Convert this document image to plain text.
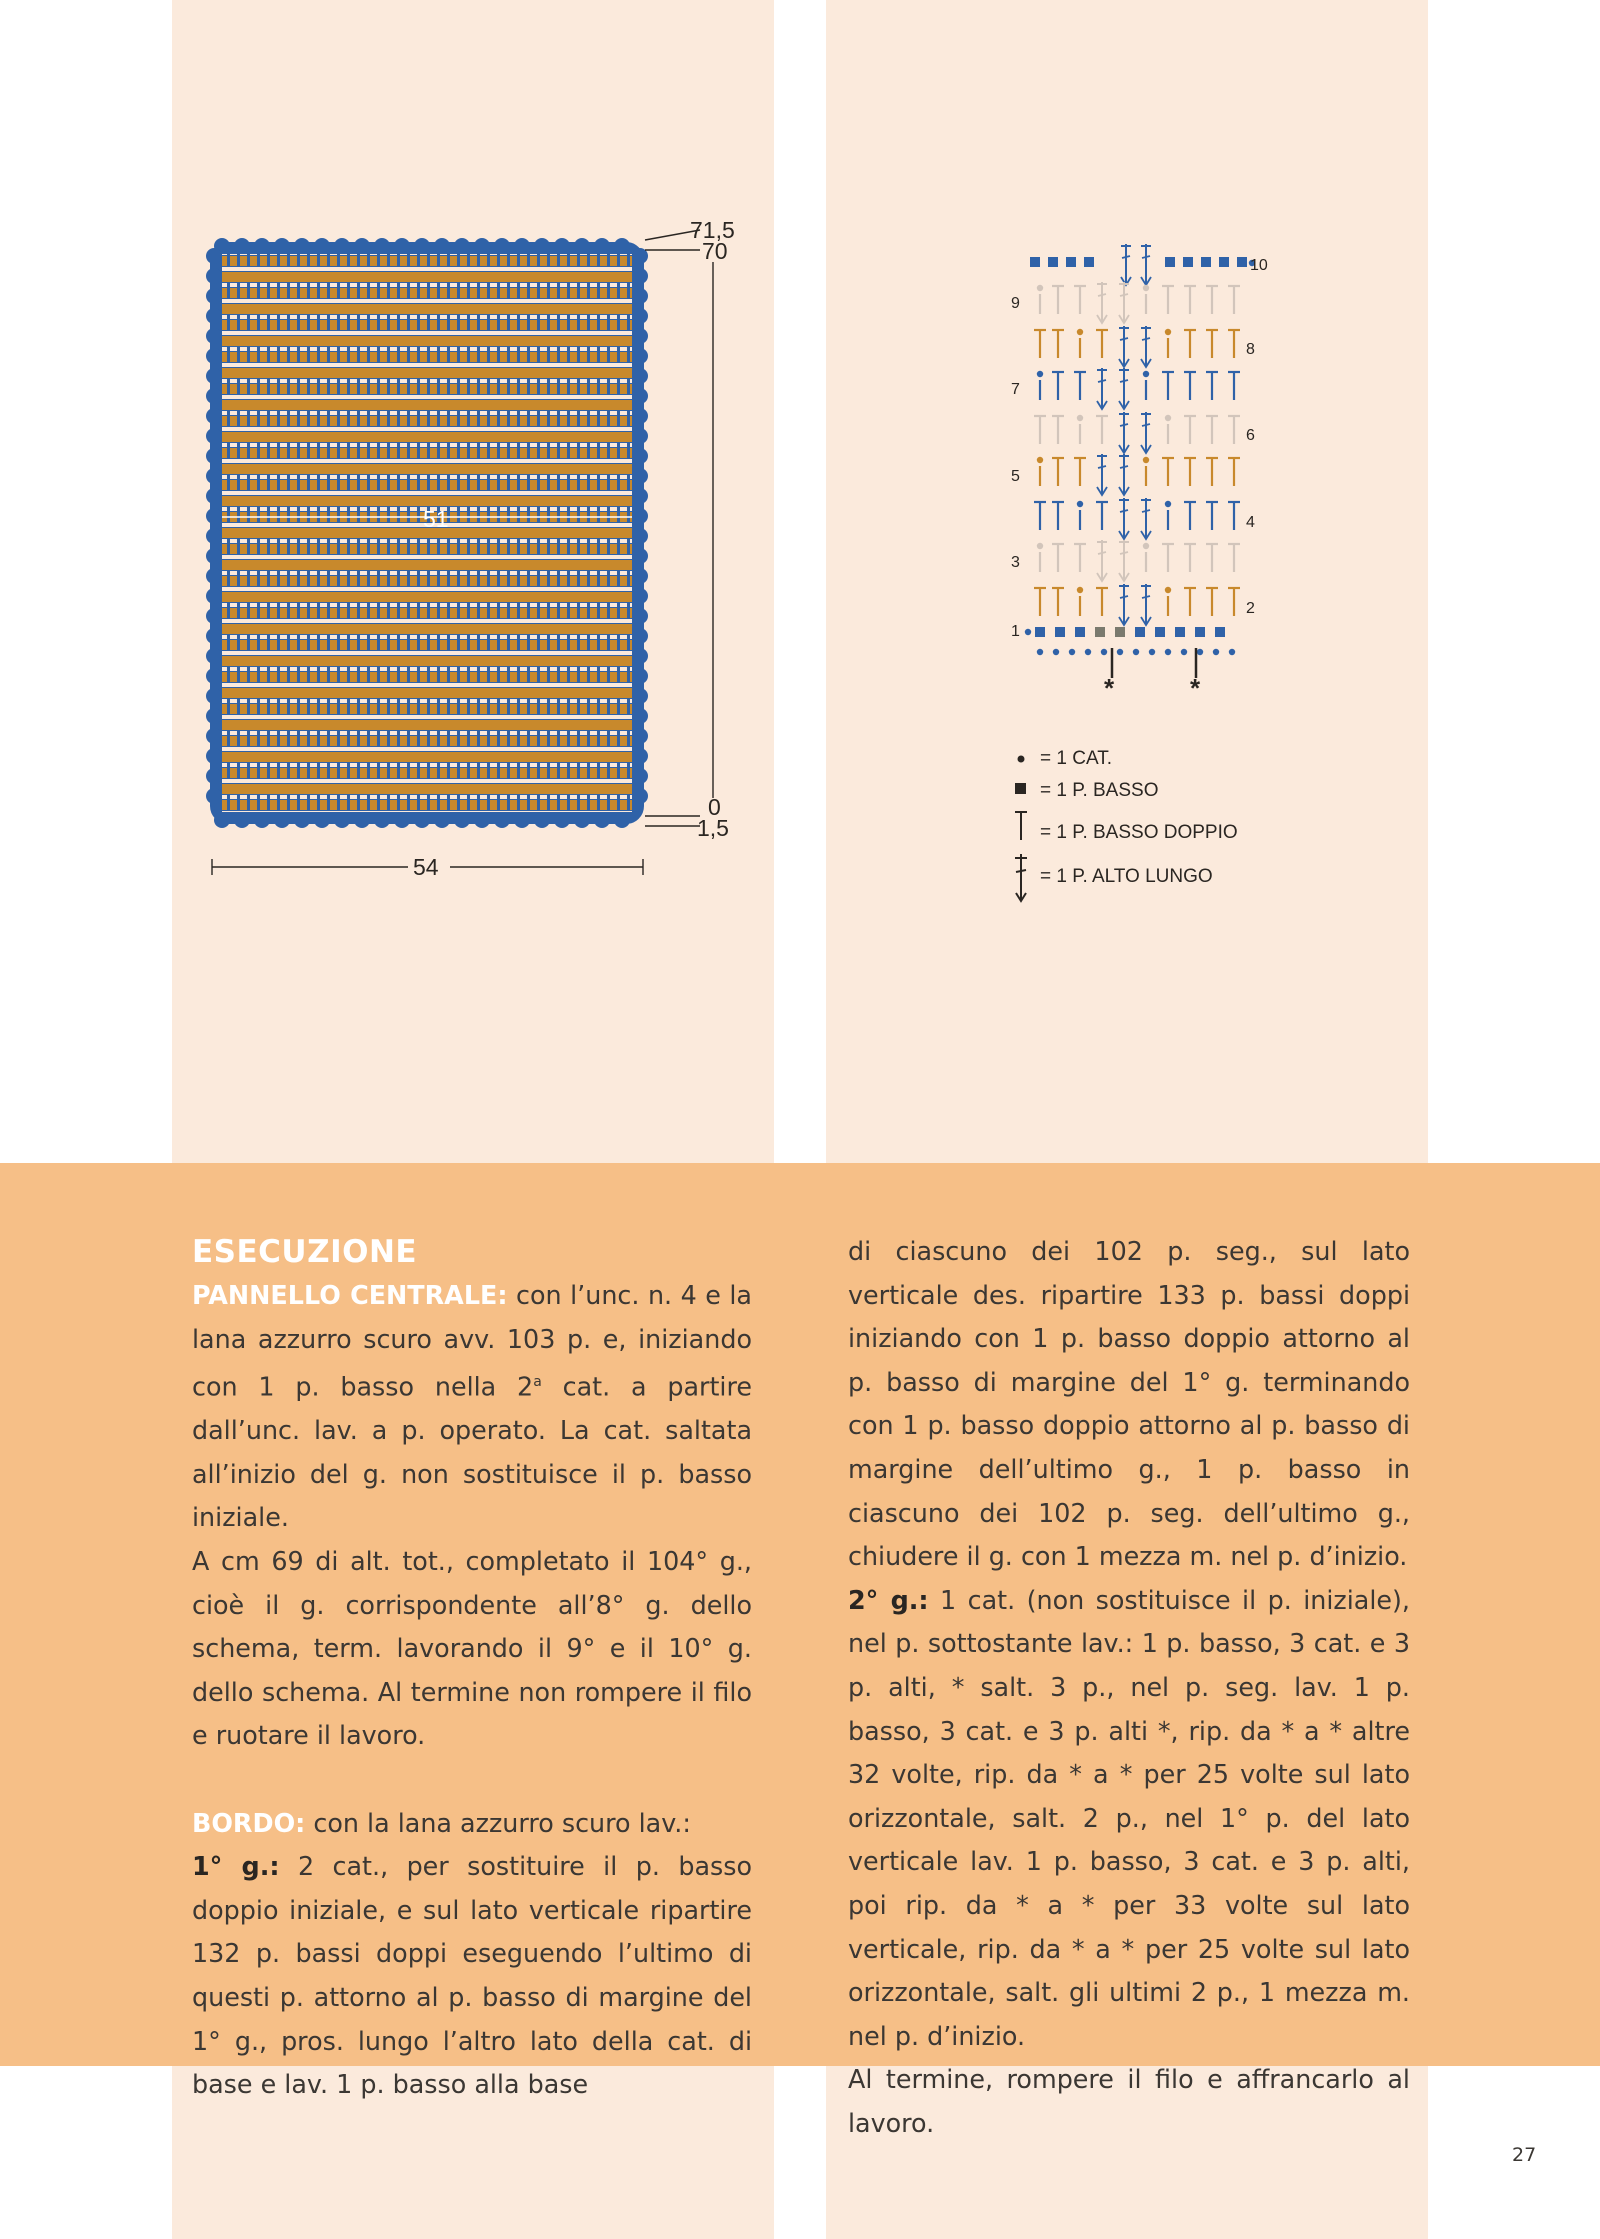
51
71,5
70
0
1,5
54
9
7
5
3
1
10
8
6
4
2
*	*
= 1 CAT.
= 1 P. BASSO
= 1 P. BASSO DOPPIO
= 1 P. ALTO LUNGO
ESECUZIONE

PANNELLO CENTRALE: con l’unc. n. 4 e la lana azzurro scuro avv. 103 p. e, iniziando con 1 p. basso nella 2$^a$ cat. a partire dall’unc. lav. a p. operato. La cat. saltata all’inizio del g. non sostituisce il p. basso iniziale.

A cm 69 di alt. tot., completato il 104° g., cioè il g. corrispondente all’8° g. dello schema, term. lavorando il 9° e il 10° g. dello schema. Al termine non rompere il filo e ruotare il lavoro.

BORDO: con la lana azzurro scuro lav.:

1° g.: 2 cat., per sostituire il p. basso doppio iniziale, e sul lato verticale ripartire 132 p. bassi doppi eseguendo l’ultimo di questi p. attorno al p. basso di margine del 1° g., pros. lungo l’altro lato della cat. di base e lav. 1 p. basso alla base

di ciascuno dei 102 p. seg., sul lato verticale des. ripartire 133 p. bassi doppi iniziando con 1 p. basso doppio attorno al p. basso di margine del 1° g. terminando con 1 p. basso doppio attorno al p. basso di margine dell’ultimo g., 1 p. basso in ciascuno dei 102 p. seg. dell’ultimo g., chiudere il g. con 1 mezza m. nel p. d’inizio.

2° g.: 1 cat. (non sostituisce il p. iniziale), nel p. sottostante lav.: 1 p. basso, 3 cat. e 3 p. alti, * salt. 3 p., nel p. seg. lav. 1 p. basso, 3 cat. e 3 p. alti *, rip. da * a * altre 32 volte, rip. da * a * per 25 volte sul lato orizzontale, salt. 2 p., nel 1° p. del lato verticale lav. 1 p. basso, 3 cat. e 3 p. alti, poi rip. da * a * per 33 volte sul lato verticale, rip. da * a * per 25 volte sul lato orizzontale, salt. gli ultimi 2 p., 1 mezza m. nel p. d’inizio.

Al termine, rompere il filo e affrancarlo al lavoro.

27
